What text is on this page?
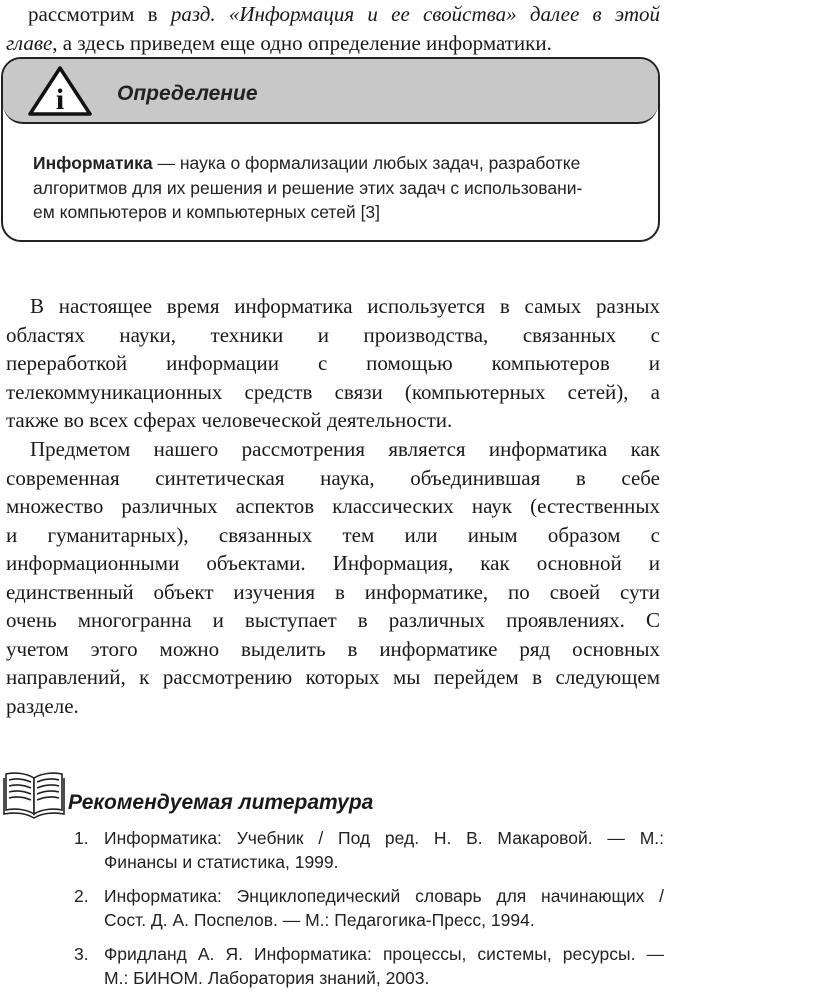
рассмотрим в разд. «Информация и ее свойства» далее в этой
главе, а здесь приведем еще одно определение информатики.
i	Определение
Информатика — наука о формализации любых задач, разработке
алгоритмов для их решения и решение этих задач с использовани-
ем компьютеров и компьютерных сетей [3]
В настоящее время информатика используется в самых разных
областях науки, техники и производства, связанных с
переработкой информации с помощью компьютеров и
телекоммуникационных средств связи (компьютерных сетей), а
также во всех сферах человеческой деятельности.
Предметом нашего рассмотрения является информатика как
современная синтетическая наука, объединившая в себе
множество различных аспектов классических наук (естественных
и гуманитарных), связанных тем или иным образом с
информационными объектами. Информация, как основной и
единственный объект изучения в информатике, по своей сути
очень многогранна и выступает в различных проявлениях. С
учетом этого можно выделить в информатике ряд основных
направлений, к рассмотрению которых мы перейдем в следующем
разделе.
Рекомендуемая литература
1. Информатика: Учебник / Под ред. Н. В. Макаровой. — М.:
Финансы и статистика, 1999.
2. Информатика: Энциклопедический словарь для начинающих /
Сост. Д. А. Поспелов. — М.: Педагогика-Пресс, 1994.
3. Фридланд А. Я. Информатика: процессы, системы, ресурсы. —
М.: БИНОМ. Лаборатория знаний, 2003.
